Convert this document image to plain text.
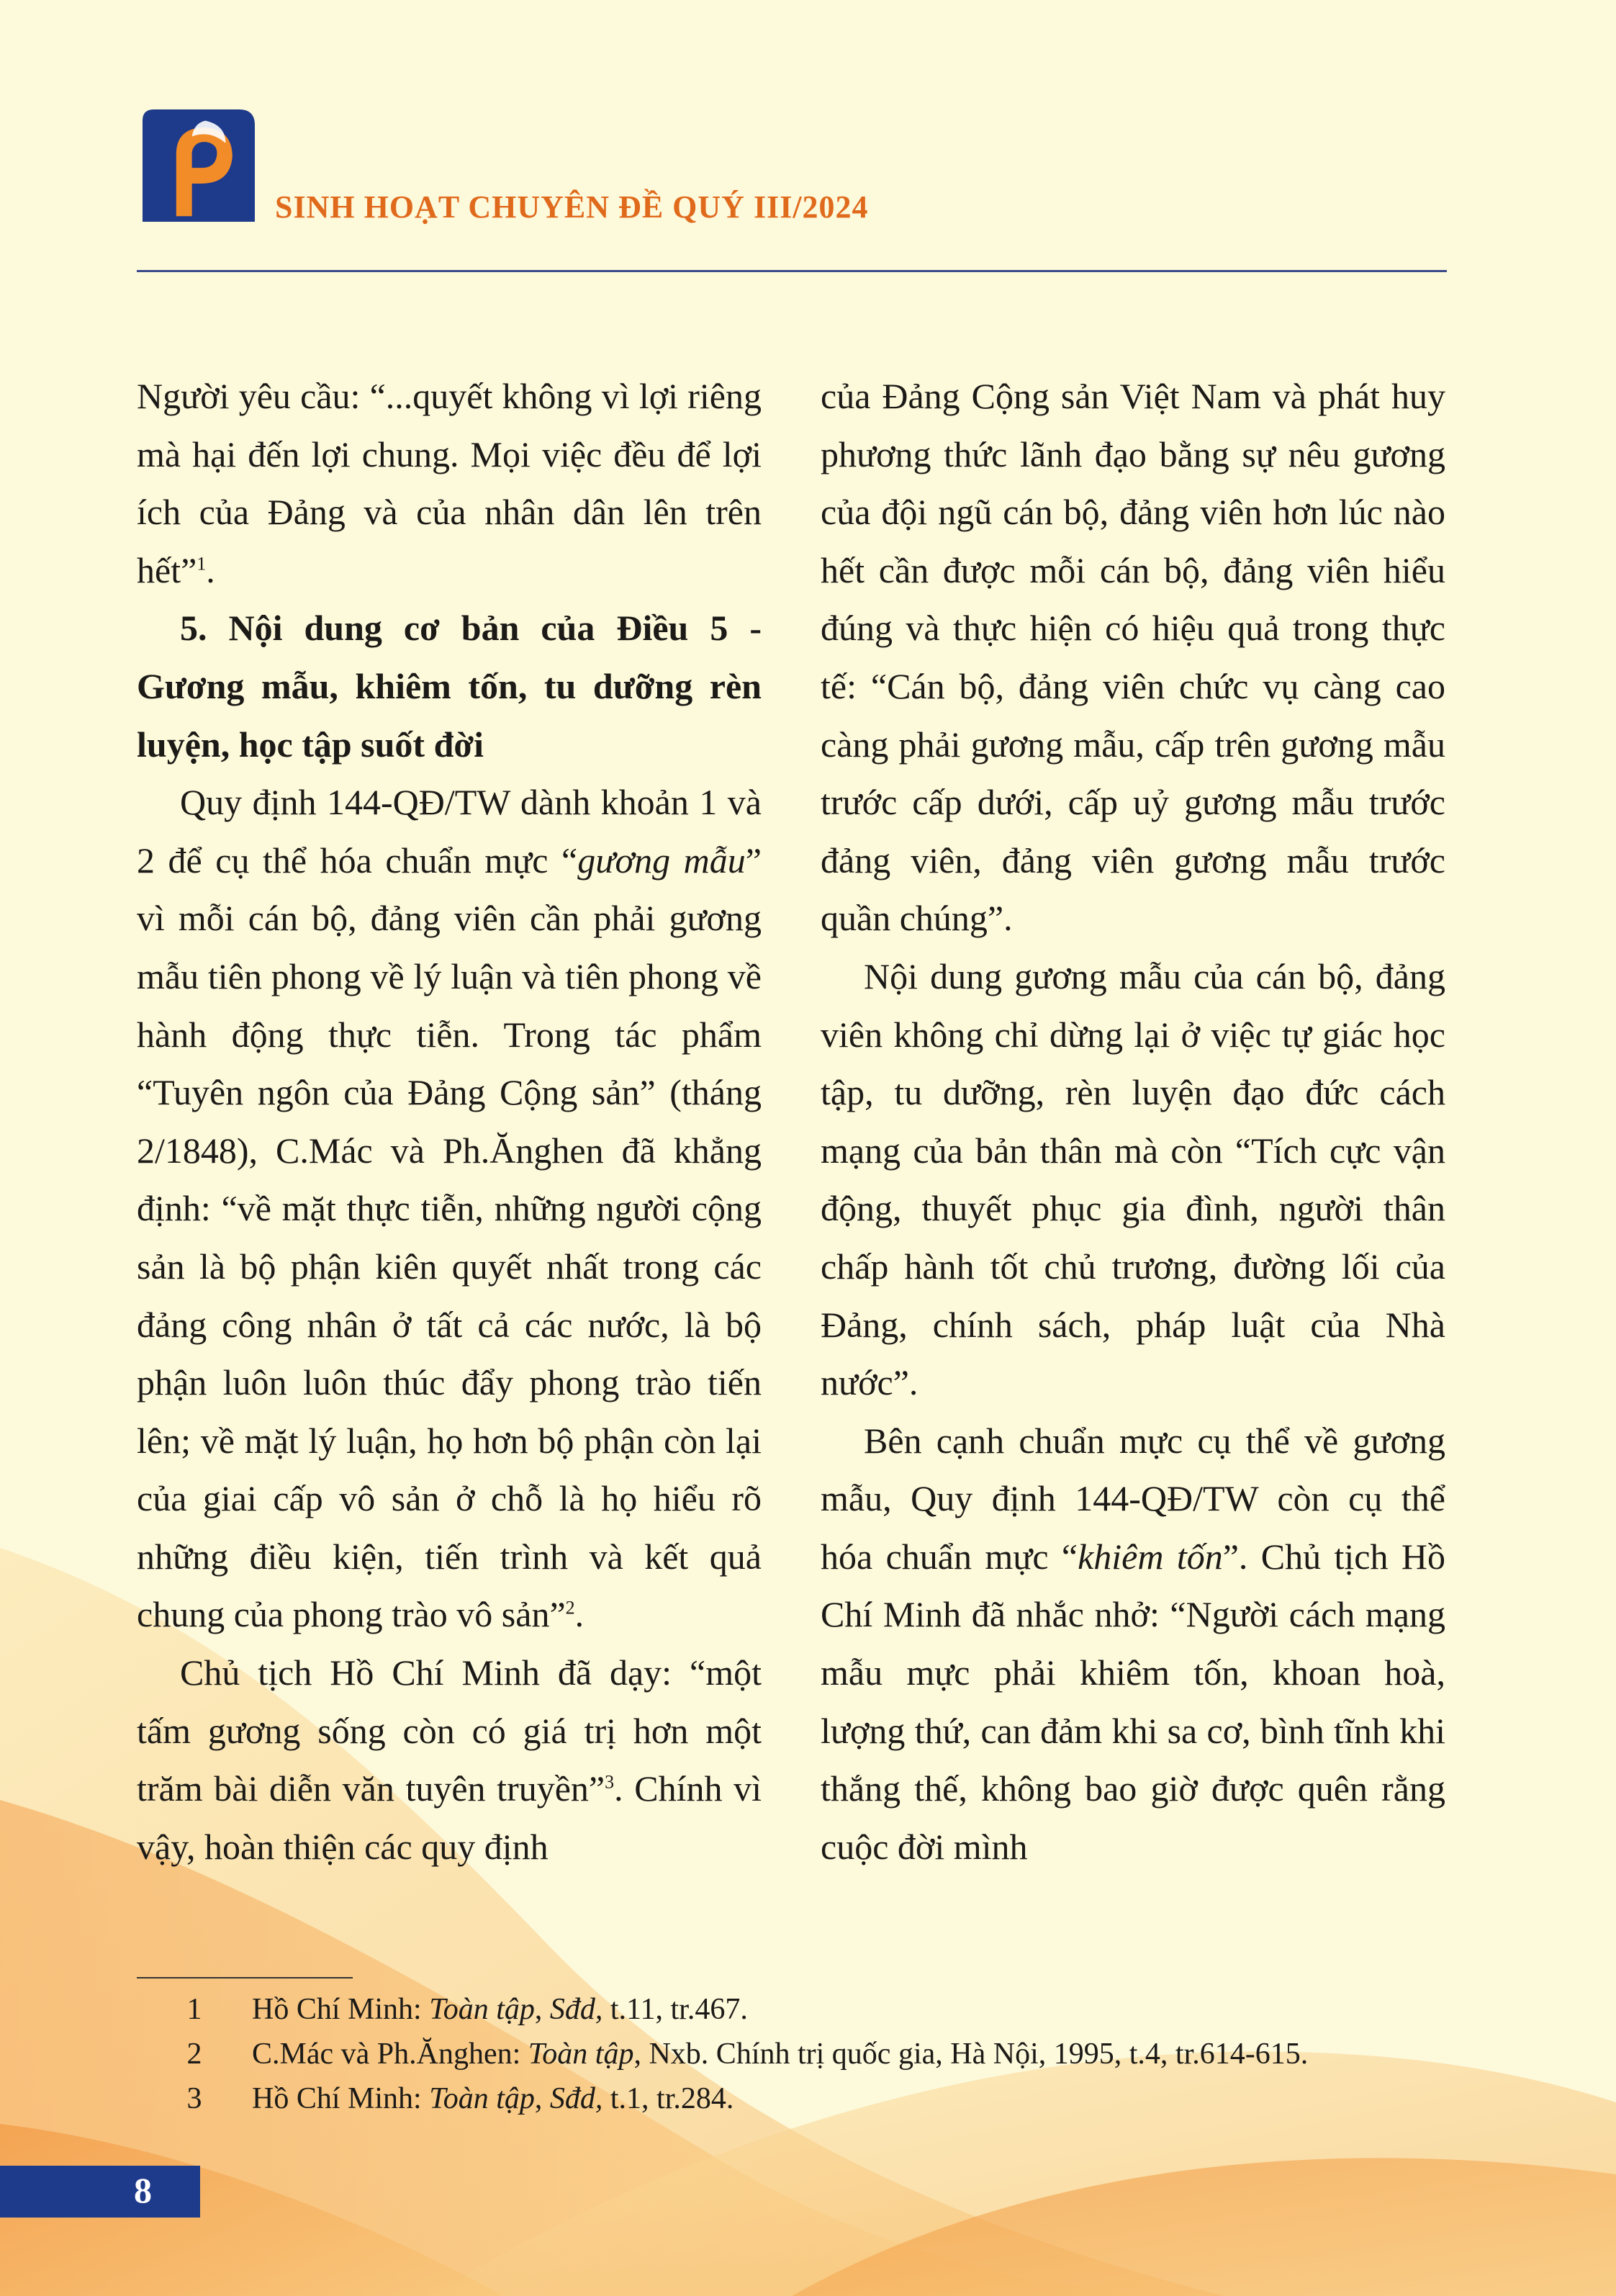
SINH HOẠT CHUYÊN ĐỀ QUÝ III/2024

Người yêu cầu: “...quyết không vì lợi riêng mà hại đến lợi chung. Mọi việc đều để lợi ích của Đảng và của nhân dân lên trên hết”$^1$.

5. Nội dung cơ bản của Điều 5 - Gương mẫu, khiêm tốn, tu dưỡng rèn luyện, học tập suốt đời

Quy định 144-QĐ/TW dành khoản 1 và 2 để cụ thể hóa chuẩn mực “gương mẫu” vì mỗi cán bộ, đảng viên cần phải gương mẫu tiên phong về lý luận và tiên phong về hành động thực tiễn. Trong tác phẩm “Tuyên ngôn của Đảng Cộng sản” (tháng 2/1848), C.Mác và Ph.Ănghen đã khẳng định: “về mặt thực tiễn, những người cộng sản là bộ phận kiên quyết nhất trong các đảng công nhân ở tất cả các nước, là bộ phận luôn luôn thúc đẩy phong trào tiến lên; về mặt lý luận, họ hơn bộ phận còn lại của giai cấp vô sản ở chỗ là họ hiểu rõ những điều kiện, tiến trình và kết quả chung của phong trào vô sản”$^2$.

Chủ tịch Hồ Chí Minh đã dạy: “một tấm gương sống còn có giá trị hơn một trăm bài diễn văn tuyên truyền”$^3$. Chính vì vậy, hoàn thiện các quy định

của Đảng Cộng sản Việt Nam và phát huy phương thức lãnh đạo bằng sự nêu gương của đội ngũ cán bộ, đảng viên hơn lúc nào hết cần được mỗi cán bộ, đảng viên hiểu đúng và thực hiện có hiệu quả trong thực tế: “Cán bộ, đảng viên chức vụ càng cao càng phải gương mẫu, cấp trên gương mẫu trước cấp dưới, cấp uỷ gương mẫu trước đảng viên, đảng viên gương mẫu trước quần chúng”.

Nội dung gương mẫu của cán bộ, đảng viên không chỉ dừng lại ở việc tự giác học tập, tu dưỡng, rèn luyện đạo đức cách mạng của bản thân mà còn “Tích cực vận động, thuyết phục gia đình, người thân chấp hành tốt chủ trương, đường lối của Đảng, chính sách, pháp luật của Nhà nước”.

Bên cạnh chuẩn mực cụ thể về gương mẫu, Quy định 144-QĐ/TW còn cụ thể hóa chuẩn mực “khiêm tốn”. Chủ tịch Hồ Chí Minh đã nhắc nhở: “Người cách mạng mẫu mực phải khiêm tốn, khoan hoà, lượng thứ, can đảm khi sa cơ, bình tĩnh khi thắng thế, không bao giờ được quên rằng cuộc đời mình

1	Hồ Chí Minh: Toàn tập, Sđd, t.11, tr.467.
2	C.Mác và Ph.Ănghen: Toàn tập, Nxb. Chính trị quốc gia, Hà Nội, 1995, t.4, tr.614-615.
3	Hồ Chí Minh: Toàn tập, Sđd, t.1, tr.284.
8
